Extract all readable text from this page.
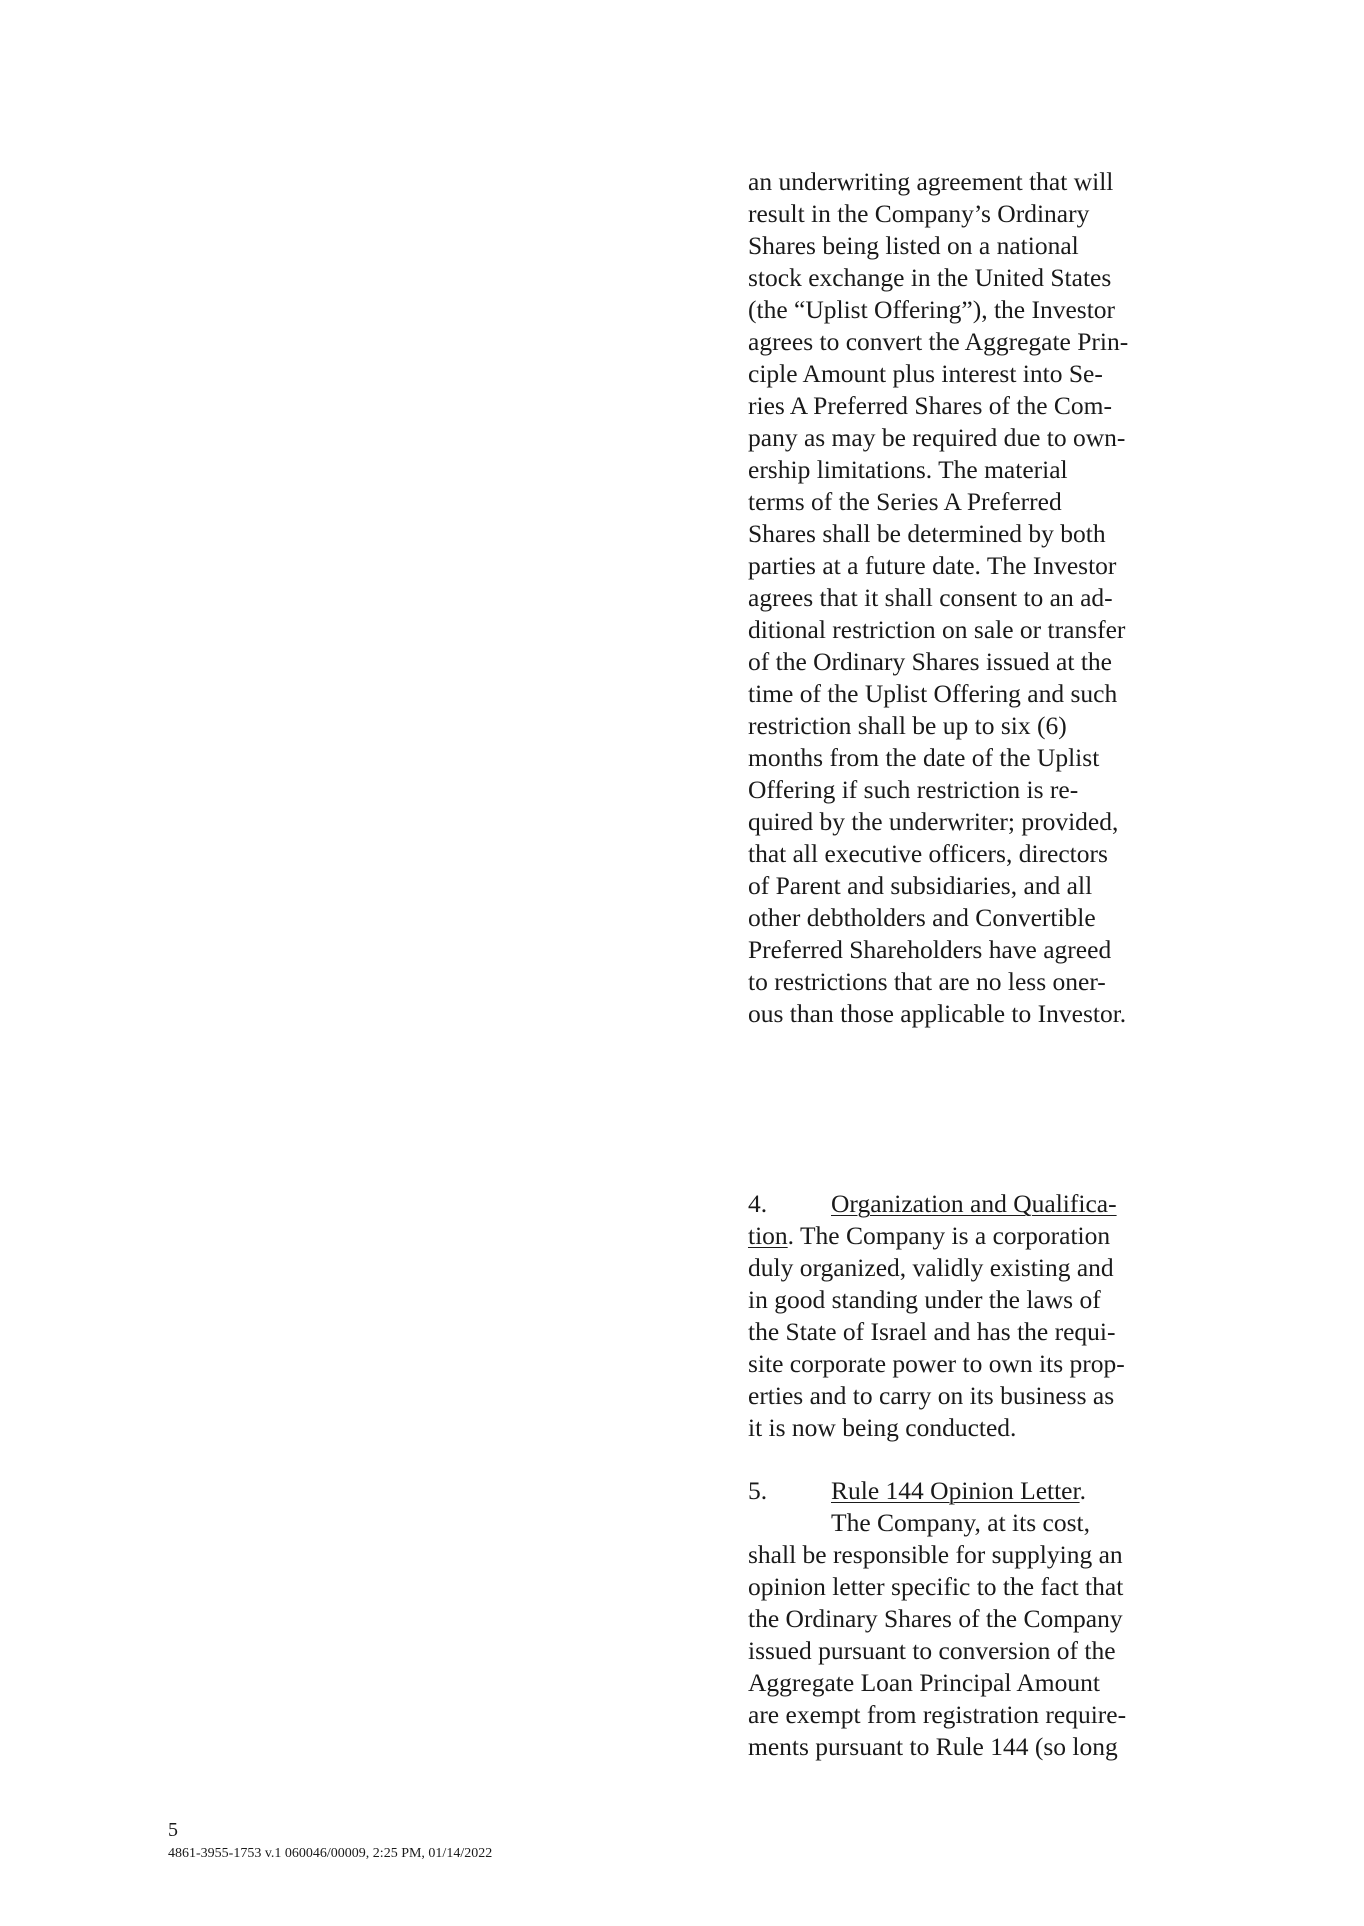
an underwriting agreement that will
result in the Company’s Ordinary
Shares being listed on a national
stock exchange in the United States
(the “Uplist Offering”), the Investor
agrees to convert the Aggregate Prin-
ciple Amount plus interest into Se-
ries A Preferred Shares of the Com-
pany as may be required due to own-
ership limitations. The material
terms of the Series A Preferred
Shares shall be determined by both
parties at a future date. The Investor
agrees that it shall consent to an ad-
ditional restriction on sale or transfer
of the Ordinary Shares issued at the
time of the Uplist Offering and such
restriction shall be up to six (6)
months from the date of the Uplist
Offering if such restriction is re-
quired by the underwriter; provided,
that all executive officers, directors
of Parent and subsidiaries, and all
other debtholders and Convertible
Preferred Shareholders have agreed
to restrictions that are no less oner-
ous than those applicable to Investor.
4.	Organization and Qualifica-
tion. The Company is a corporation
duly organized, validly existing and
in good standing under the laws of
the State of Israel and has the requi-
site corporate power to own its prop-
erties and to carry on its business as
it is now being conducted.
5.	Rule 144 Opinion Letter.
The Company, at its cost,
shall be responsible for supplying an
opinion letter specific to the fact that
the Ordinary Shares of the Company
issued pursuant to conversion of the
Aggregate Loan Principal Amount
are exempt from registration require-
ments pursuant to Rule 144 (so long
5
4861-3955-1753 v.1 060046/00009, 2:25 PM, 01/14/2022
